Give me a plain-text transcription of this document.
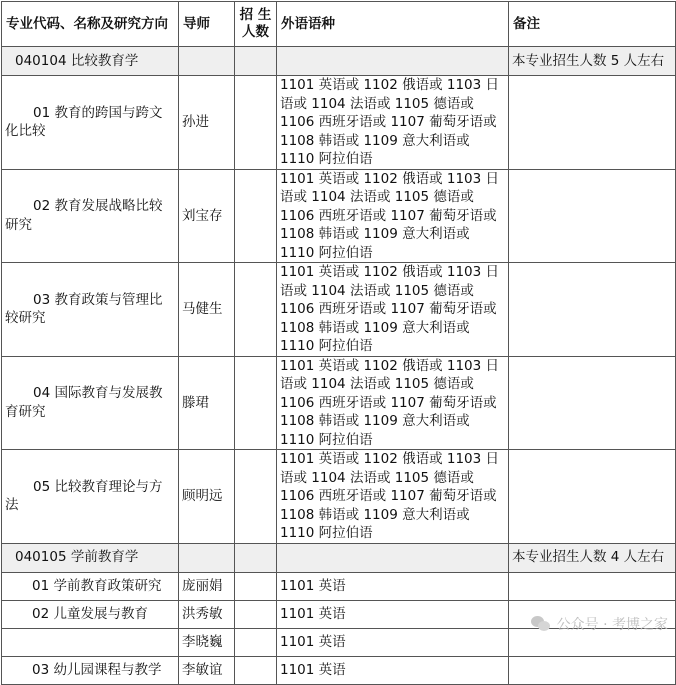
专业代码、名称及研究方向	导师	招 生
人数	外语语种	备注
040104 比较教育学				本专业招生人数 5 人左右

01 教育的跨国与跨文化比较	孙进		1101 英语或 1102 俄语或 1103 日语或 1104 法语或 1105 德语或 1106 西班牙语或 1107 葡萄牙语或 1108 韩语或 1109 意大利语或 1110 阿拉伯语	

02 教育发展战略比较研究	刘宝存		1101 英语或 1102 俄语或 1103 日语或 1104 法语或 1105 德语或 1106 西班牙语或 1107 葡萄牙语或 1108 韩语或 1109 意大利语或 1110 阿拉伯语	

03 教育政策与管理比较研究	马健生		1101 英语或 1102 俄语或 1103 日语或 1104 法语或 1105 德语或 1106 西班牙语或 1107 葡萄牙语或 1108 韩语或 1109 意大利语或 1110 阿拉伯语	

04 国际教育与发展教育研究	滕珺		1101 英语或 1102 俄语或 1103 日语或 1104 法语或 1105 德语或 1106 西班牙语或 1107 葡萄牙语或 1108 韩语或 1109 意大利语或 1110 阿拉伯语	

05 比较教育理论与方法	顾明远		1101 英语或 1102 俄语或 1103 日语或 1104 法语或 1105 德语或 1106 西班牙语或 1107 葡萄牙语或 1108 韩语或 1109 意大利语或 1110 阿拉伯语	
040105 学前教育学				本专业招生人数 4 人左右
01 学前教育政策研究	庞丽娟		1101 英语	
02 儿童发展与教育	洪秀敏		1101 英语	
	李晓巍		1101 英语	
03 幼儿园课程与教学	李敏谊		1101 英语	
公众号 · 考博之家
